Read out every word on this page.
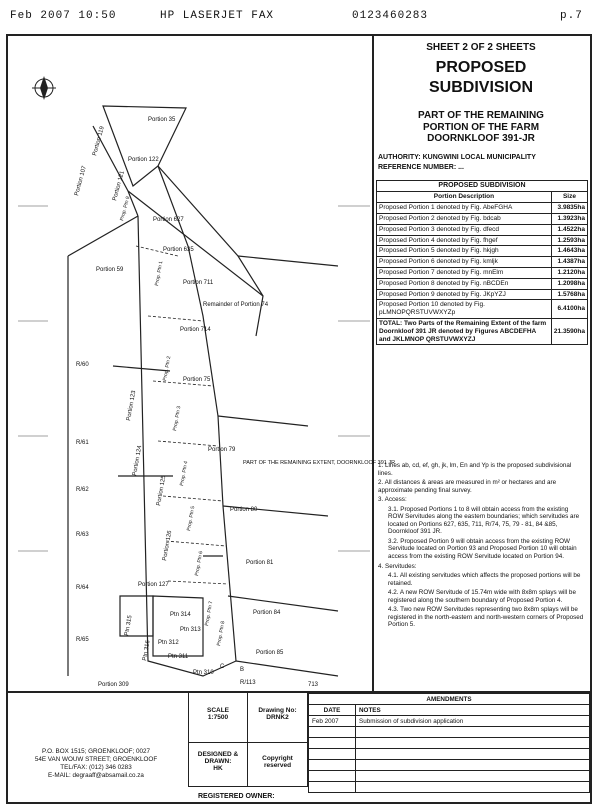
Feb 2007 10:50	HP LASERJET FAX	0123460283	p.7
Portion 35
Portion 107
Portion 119
Portion 121
Portion 122
Portion 627
Portion 635
Portion 59
Portion 711
Remainder of Portion 74
Portion 714
R/60
Portion 75
Portion 123
R/61
Portion 124	Portion 79
PART OF THE REMAINING EXTENT, DOORNKLOOF 391 JR
R/62	Portion 125
Portion 80
R/63	Portion 126
Portion 81
R/64	Portion 127
Portion 84
R/65
Ptn 314
Ptn 313
Ptn 312
Ptn 311
Ptn 315
Ptn 316
Ptn 310
Portion 85
Portion 309	R/113	713
B
C
Prop. Ptn 1
Prop. Ptn 2
Prop. Ptn 3
Prop. Ptn 4
Prop. Ptn 5
Prop. Ptn 6
Prop. Ptn 7
Prop. Ptn 8
Prop. Ptn 9
SHEET 2 OF 2 SHEETS
PROPOSED
SUBDIVISION
PART OF THE REMAINING
PORTION OF THE FARM
DOORNKLOOF 391-JR
AUTHORITY: KUNGWINI LOCAL MUNICIPALITY
REFERENCE NUMBER: ...
PROPOSED SUBDIVISION	
Portion Description	Size
Proposed Portion 1 denoted by Fig. AbeFGHA	3.9835ha
Proposed Portion 2 denoted by Fig. bdcab	1.3923ha
Proposed Portion 3 denoted by Fig. dfecd	1.4522ha
Proposed Portion 4 denoted by Fig. fhgef	1.2593ha
Proposed Portion 5 denoted by Fig. hkjgh	1.4643ha
Proposed Portion 6 denoted by Fig. kmljk	1.4387ha
Proposed Portion 7 denoted by Fig. mnElm	1.2120ha
Proposed Portion 8 denoted by Fig. nBCDEn	1.2098ha
Proposed Portion 9 denoted by Fig. JKpYZJ	1.5768ha
Proposed Portion 10 denoted by Fig. pLMNOPQRSTUVWXYZp	6.4100ha
TOTAL: Two Parts of the Remaining Extent of the farm Doornkloof 391 JR denoted by Figures ABCDEFHA and JKLMNOP QRSTUVWXYZJ	21.3590ha
1. Lines ab, cd, ef, gh, jk, lm, En and Yp is the proposed subdivisional lines.
2. All distances & areas are measured in m² or hectares and are approximate pending final survey.
3. Access:
3.1. Proposed Portions 1 to 8 will obtain access from the existing ROW Servitudes along the eastern boundaries; which servitudes are located on Portions 627, 635, 711, R/74, 75, 79 - 81, 84 &85, Doornkloof 391 JR.
3.2. Proposed Portion 9 will obtain access from the existing ROW Servitude located on Portion 93 and Proposed Portion 10 will obtain access from the existing ROW Servitude located on Portion 94.
4. Servitudes:
4.1. All existing servitudes which affects the proposed portions will be retained.
4.2. A new ROW Servitude of 15.74m wide with 8x8m splays will be registered along the southern boundary of Proposed Portion 4.
4.3. Two new ROW Servitudes representing two 8x8m splays will be registered in the north-eastern and north-western corners of Proposed Portion 5.
P.O. BOX 1515; GROENKLOOF; 0027
54E VAN WOUW STREET; GROENKLOOF
TEL/FAX: (012) 346 0283
E-MAIL: degraaff@absamail.co.za
SCALE
1:7500
Drawing No:
DRNK2
DESIGNED & DRAWN:
HK
Copyright reserved
AMENDMENTS	
DATE	NOTES
Feb 2007	Submission of subdivision application

REGISTERED OWNER:
